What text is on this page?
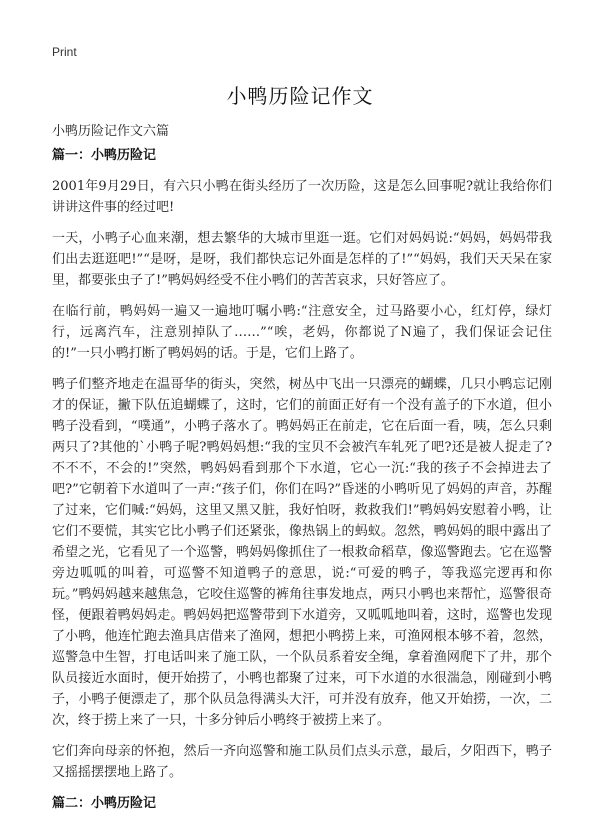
Print
小鸭历险记作文
小鸭历险记作文六篇
篇一：小鸭历险记

2001年9月29日，有六只小鸭在街头经历了一次历险，这是怎么回事呢?就让我给你们讲讲这件事的经过吧!

一天，小鸭子心血来潮，想去繁华的大城市里逛一逛。它们对妈妈说:“妈妈，妈妈带我们出去逛逛吧!”“是呀，是呀，我们都快忘记外面是怎样的了!”“妈妈，我们天天呆在家里，都要张虫子了!”鸭妈妈经受不住小鸭们的苦苦哀求，只好答应了。

在临行前，鸭妈妈一遍又一遍地叮嘱小鸭:“注意安全，过马路要小心，红灯停，绿灯行，远离汽车，注意别掉队了……”“唉，老妈，你都说了N遍了，我们保证会记住的!”一只小鸭打断了鸭妈妈的话。于是，它们上路了。

鸭子们整齐地走在温哥华的街头，突然，树丛中飞出一只漂亮的蝴蝶，几只小鸭忘记刚才的保证，撇下队伍追蝴蝶了，这时，它们的前面正好有一个没有盖子的下水道，但小鸭子没看到，“噗通”，小鸭子落水了。鸭妈妈正在前走，它在后面一看，咦，怎么只剩两只了?其他的`小鸭子呢?鸭妈妈想:“我的宝贝不会被汽车轧死了吧?还是被人捉走了?不不不，不会的!”突然，鸭妈妈看到那个下水道，它心一沉:“我的孩子不会掉进去了吧?”它朝着下水道叫了一声:“孩子们，你们在吗?”昏迷的小鸭听见了妈妈的声音，苏醒了过来，它们喊:“妈妈，这里又黑又脏，我好怕呀，救救我们!”鸭妈妈安慰着小鸭，让它们不要慌，其实它比小鸭子们还紧张，像热锅上的蚂蚁。忽然，鸭妈妈的眼中露出了希望之光，它看见了一个巡警，鸭妈妈像抓住了一根救命稻草，像巡警跑去。它在巡警旁边呱呱的叫着，可巡警不知道鸭子的意思，说:“可爱的鸭子，等我巡完逻再和你玩。”鸭妈妈越来越焦急，它咬住巡警的裤角往事发地点，两只小鸭也来帮忙，巡警很奇怪，便跟着鸭妈妈走。鸭妈妈把巡警带到下水道旁，又呱呱地叫着，这时，巡警也发现了小鸭，他连忙跑去渔具店借来了渔网，想把小鸭捞上来，可渔网根本够不着，忽然，巡警急中生智，打电话叫来了施工队，一个队员系着安全绳，拿着渔网爬下了井，那个队员接近水面时，便开始捞了，小鸭也都聚了过来，可下水道的水很湍急，刚碰到小鸭子，小鸭子便漂走了，那个队员急得满头大汗，可并没有放弃，他又开始捞，一次，二次，终于捞上来了一只，十多分钟后小鸭终于被捞上来了。

它们奔向母亲的怀抱，然后一齐向巡警和施工队员们点头示意，最后，夕阳西下，鸭子又摇摇摆摆地上路了。

篇二：小鸭历险记
